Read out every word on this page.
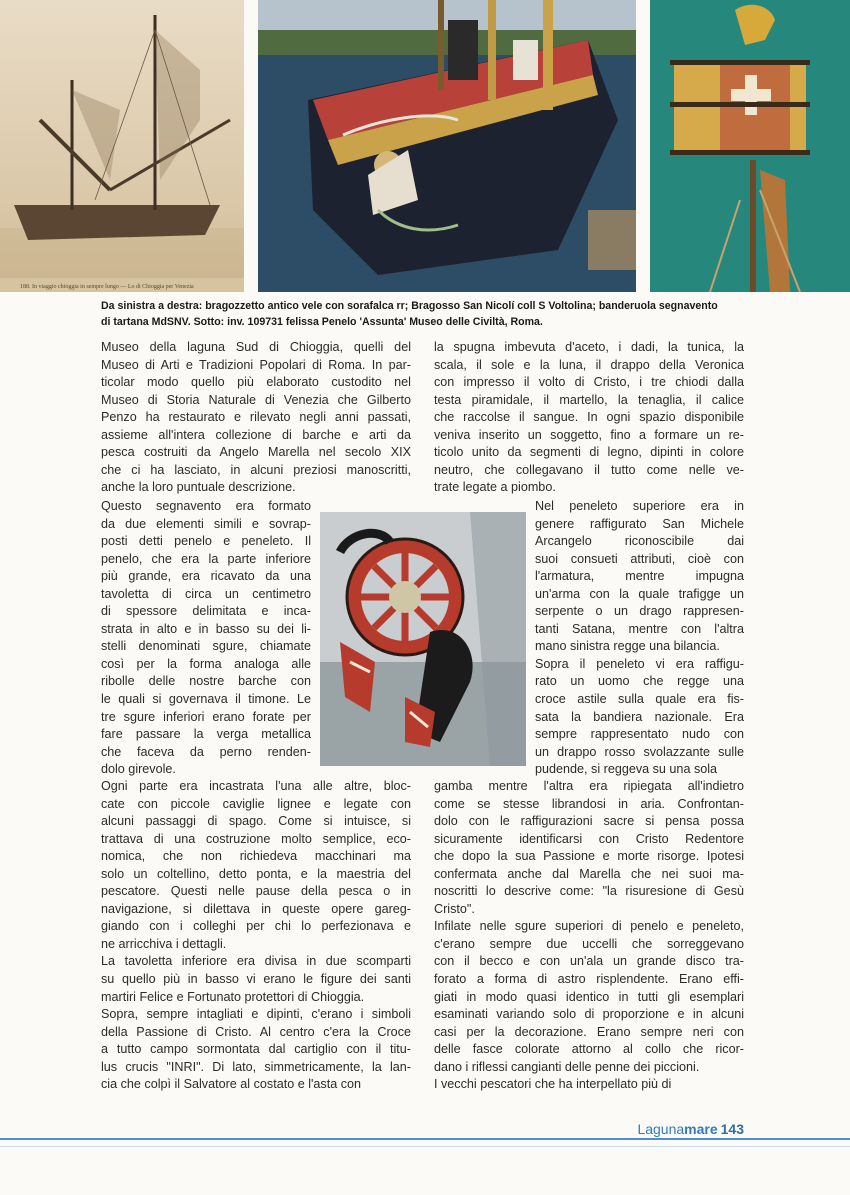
188. In viaggio chioggia in sempre lungo — Lo di Chioggia per Venezia
Da sinistra a destra: bragozzetto antico vele con sorafalca rr; Bragosso San Nicolí coll S Voltolina; banderuola segnavento
di tartana MdSNV. Sotto: inv. 109731 felissa Penelo 'Assunta' Museo delle Civiltà, Roma.
Museo della laguna Sud di Chioggia, quelli del
Museo di Arti e Tradizioni Popolari di Roma. In par-
ticolar modo quello più elaborato custodito nel
Museo di Storia Naturale di Venezia che Gilberto
Penzo ha restaurato e rilevato negli anni passati,
assieme all'intera collezione di barche e arti da
pesca costruiti da Angelo Marella nel secolo XIX
che ci ha lasciato, in alcuni preziosi manoscritti,
anche la loro puntuale descrizione.
la spugna imbevuta d'aceto, i dadi, la tunica, la
scala, il sole e la luna, il drappo della Veronica
con impresso il volto di Cristo, i tre chiodi dalla
testa piramidale, il martello, la tenaglia, il calice
che raccolse il sangue. In ogni spazio disponibile
veniva inserito un soggetto, fino a formare un re-
ticolo unito da segmenti di legno, dipinti in colore
neutro, che collegavano il tutto come nelle ve-
trate legate a piombo.
Questo segnavento era formato
da due elementi simili e sovrap-
posti detti penelo e peneleto. Il
penelo, che era la parte inferiore
più grande, era ricavato da una
tavoletta di circa un centimetro
di spessore delimitata e inca-
strata in alto e in basso su dei li-
stelli denominati sgure, chiamate
così per la forma analoga alle
ribolle delle nostre barche con
le quali si governava il timone. Le
tre sgure inferiori erano forate per
fare passare la verga metallica
che faceva da perno renden-
dolo girevole.
Nel peneleto superiore era in
genere raffigurato San Michele
Arcangelo riconoscibile dai
suoi consueti attributi, cioè con
l'armatura, mentre impugna
un'arma con la quale trafigge un
serpente o un drago rappresen-
tanti Satana, mentre con l'altra
mano sinistra regge una bilancia.
Sopra il peneleto vi era raffigu-
rato un uomo che regge una
croce astile sulla quale era fis-
sata la bandiera nazionale. Era
sempre rappresentato nudo con
un drappo rosso svolazzante sulle
pudende, si reggeva su una sola
Ogni parte era incastrata l'una alle altre, bloc-
cate con piccole caviglie lignee e legate con
alcuni passaggi di spago. Come si intuisce, si
trattava di una costruzione molto semplice, eco-
nomica, che non richiedeva macchinari ma
solo un coltellino, detto ponta, e la maestria del
pescatore. Questi nelle pause della pesca o in
navigazione, si dilettava in queste opere gareg-
giando con i colleghi per chi lo perfezionava e
ne arricchiva i dettagli.
La tavoletta inferiore era divisa in due scomparti
su quello più in basso vi erano le figure dei santi
martiri Felice e Fortunato protettori di Chioggia.
Sopra, sempre intagliati e dipinti, c'erano i simboli
della Passione di Cristo. Al centro c'era la Croce
a tutto campo sormontata dal cartiglio con il titu-
lus crucis "INRI". Di lato, simmetricamente, la lan-
cia che colpì il Salvatore al costato e l'asta con
gamba mentre l'altra era ripiegata all'indietro
come se stesse librandosi in aria. Confrontan-
dolo con le raffigurazioni sacre si pensa possa
sicuramente identificarsi con Cristo Redentore
che dopo la sua Passione e morte risorge. Ipotesi
confermata anche dal Marella che nei suoi ma-
noscritti lo descrive come: "la risuresione di Gesù
Cristo".
Infilate nelle sgure superiori di penelo e peneleto,
c'erano sempre due uccelli che sorreggevano
con il becco e con un'ala un grande disco tra-
forato a forma di astro risplendente. Erano effi-
giati in modo quasi identico in tutti gli esemplari
esaminati variando solo di proporzione e in alcuni
casi per la decorazione. Erano sempre neri con
delle fasce colorate attorno al collo che ricor-
dano i riflessi cangianti delle penne dei piccioni.
I vecchi pescatori che ha interpellato più di
Lagunamare 143
